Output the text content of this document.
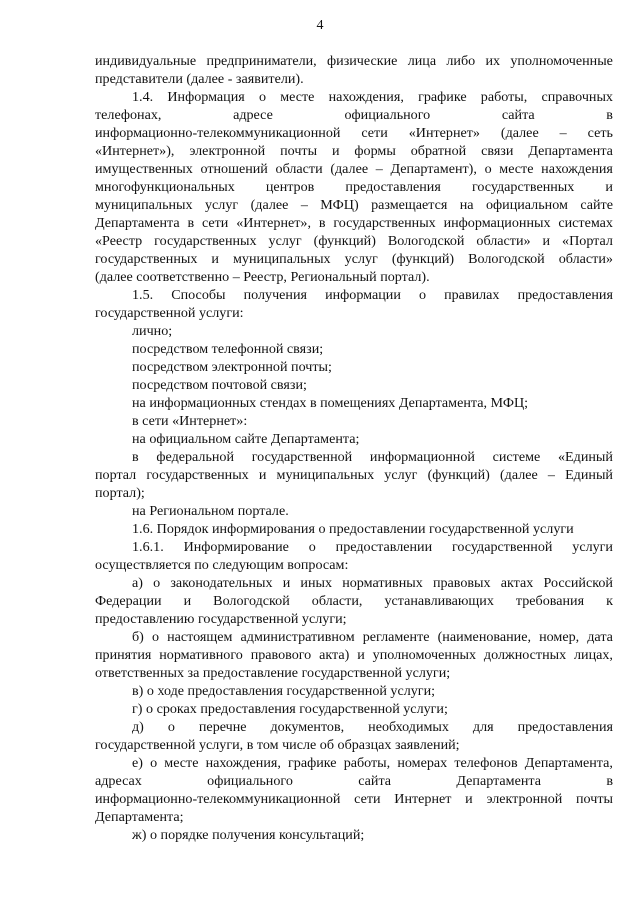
4
индивидуальные предприниматели, физические лица либо их уполномоченные
представители (далее - заявители).
1.4. Информация о месте нахождения, графике работы, справочных
телефонах,	адресе	официального	сайта	в
информационно-телекоммуникационной сети «Интернет» (далее – сеть
«Интернет»), электронной почты и формы обратной связи Департамента
имущественных отношений области (далее – Департамент), о месте нахождения
многофункциональных центров предоставления государственных и
муниципальных услуг (далее – МФЦ) размещается на официальном сайте
Департамента в сети «Интернет», в государственных информационных системах
«Реестр государственных услуг (функций) Вологодской области» и «Портал
государственных и муниципальных услуг (функций) Вологодской области»
(далее соответственно – Реестр, Региональный портал).
1.5. Способы получения информации о правилах предоставления
государственной услуги:
лично;
посредством телефонной связи;
посредством электронной почты;
посредством почтовой связи;
на информационных стендах в помещениях Департамента, МФЦ;
в сети «Интернет»:
на официальном сайте Департамента;
в федеральной государственной информационной системе «Единый
портал государственных и муниципальных услуг (функций) (далее – Единый
портал);
на Региональном портале.
1.6. Порядок информирования о предоставлении государственной услуги
1.6.1. Информирование о предоставлении государственной услуги
осуществляется по следующим вопросам:
а) о законодательных и иных нормативных правовых актах Российской
Федерации и Вологодской области, устанавливающих требования к
предоставлению государственной услуги;
б) о настоящем административном регламенте (наименование, номер, дата
принятия нормативного правового акта) и уполномоченных должностных лицах,
ответственных за предоставление государственной услуги;
в) о ходе предоставления государственной услуги;
г) о сроках предоставления государственной услуги;
д) о перечне документов, необходимых для предоставления
государственной услуги, в том числе об образцах заявлений;
е) о месте нахождения, графике работы, номерах телефонов Департамента,
адресах	официального	сайта	Департамента	в
информационно-телекоммуникационной сети Интернет и электронной почты
Департамента;
ж) о порядке получения консультаций;
